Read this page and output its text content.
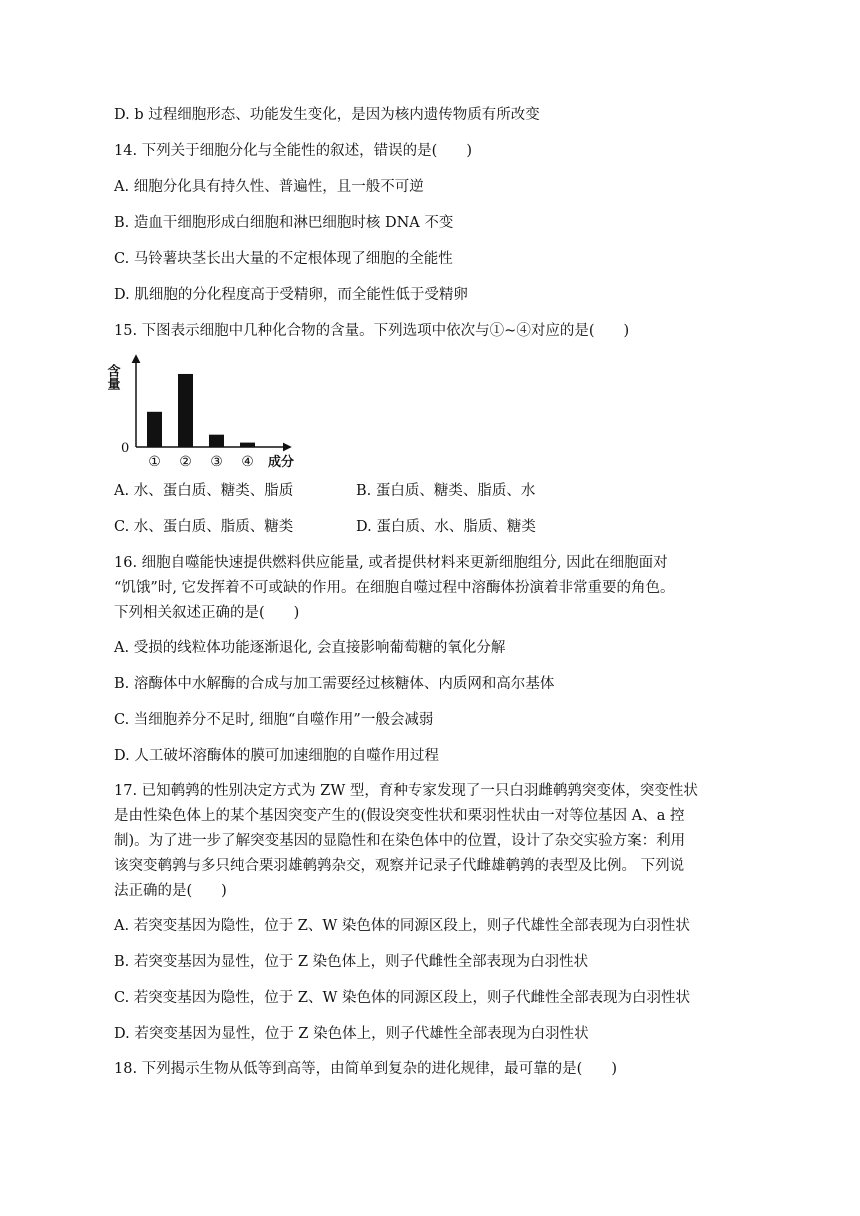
D. b 过程细胞形态、功能发生变化，是因为核内遗传物质有所改变
14. 下列关于细胞分化与全能性的叙述，错误的是(　　)
A. 细胞分化具有持久性、普遍性，且一般不可逆
B. 造血干细胞形成白细胞和淋巴细胞时核 DNA 不变
C. 马铃薯块茎长出大量的不定根体现了细胞的全能性
D. 肌细胞的分化程度高于受精卵，而全能性低于受精卵
15. 下图表示细胞中几种化合物的含量。下列选项中依次与①~④对应的是(　　)
含量
0
成分
① ② ③ ④
A. 水、蛋白质、糖类、脂质	B. 蛋白质、糖类、脂质、水
C. 水、蛋白质、脂质、糖类	D. 蛋白质、水、脂质、糖类
16. 细胞自噬能快速提供燃料供应能量, 或者提供材料来更新细胞组分, 因此在细胞面对
“饥饿”时, 它发挥着不可或缺的作用。在细胞自噬过程中溶酶体扮演着非常重要的角色。
下列相关叙述正确的是(　　)
A. 受损的线粒体功能逐渐退化, 会直接影响葡萄糖的氧化分解
B. 溶酶体中水解酶的合成与加工需要经过核糖体、内质网和高尔基体
C. 当细胞养分不足时, 细胞“自噬作用”一般会减弱
D. 人工破坏溶酶体的膜可加速细胞的自噬作用过程
17. 已知鹌鹑的性别决定方式为 ZW 型，育种专家发现了一只白羽雌鹌鹑突变体，突变性状
是由性染色体上的某个基因突变产生的(假设突变性状和栗羽性状由一对等位基因 A、a 控
制)。为了进一步了解突变基因的显隐性和在染色体中的位置，设计了杂交实验方案：利用
该突变鹌鹑与多只纯合栗羽雄鹌鹑杂交，观察并记录子代雌雄鹌鹑的表型及比例。 下列说
法正确的是(　　)
A. 若突变基因为隐性，位于 Z、W 染色体的同源区段上，则子代雄性全部表现为白羽性状
B. 若突变基因为显性，位于 Z 染色体上，则子代雌性全部表现为白羽性状
C. 若突变基因为隐性，位于 Z、W 染色体的同源区段上，则子代雌性全部表现为白羽性状
D. 若突变基因为显性，位于 Z 染色体上，则子代雄性全部表现为白羽性状
18. 下列揭示生物从低等到高等，由简单到复杂的进化规律，最可靠的是(　　)
